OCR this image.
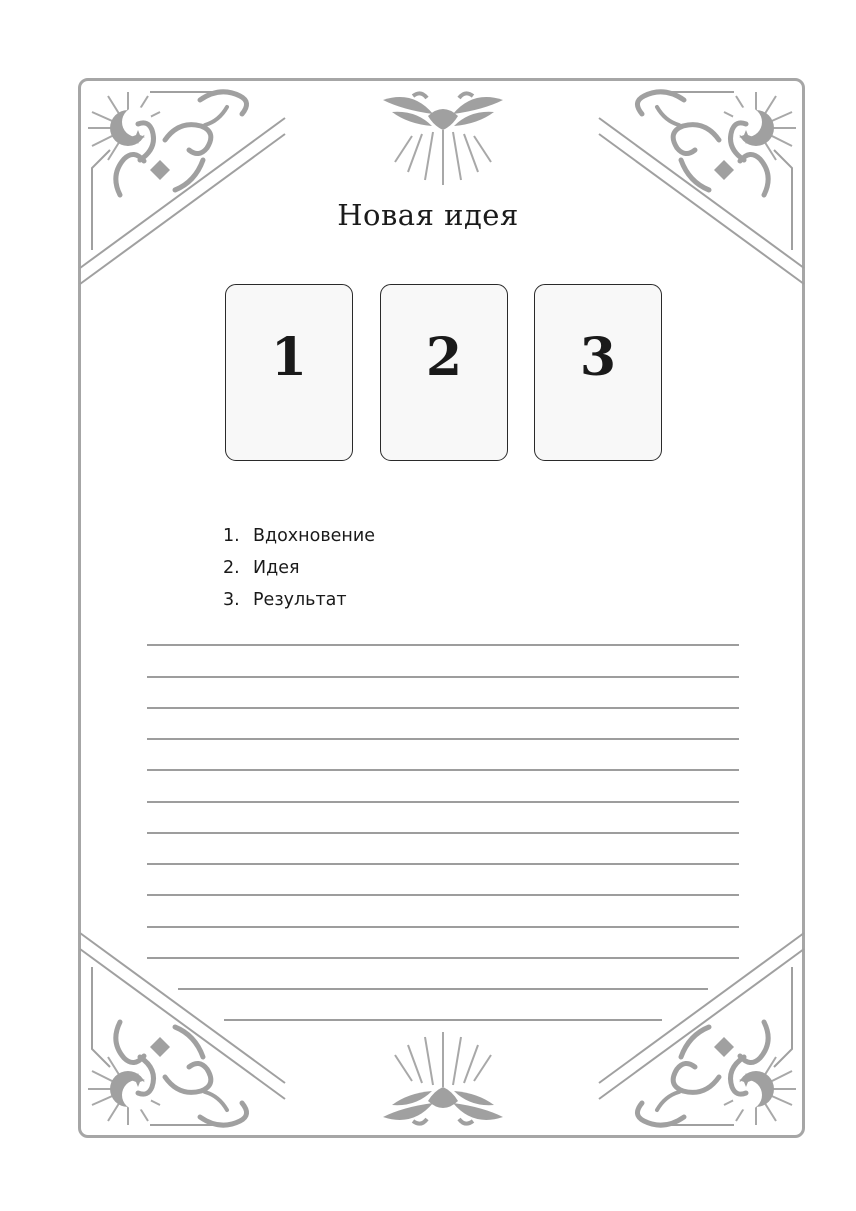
Новая идея
1 2 3
1. Вдохновение
2. Идея
3. Результат
